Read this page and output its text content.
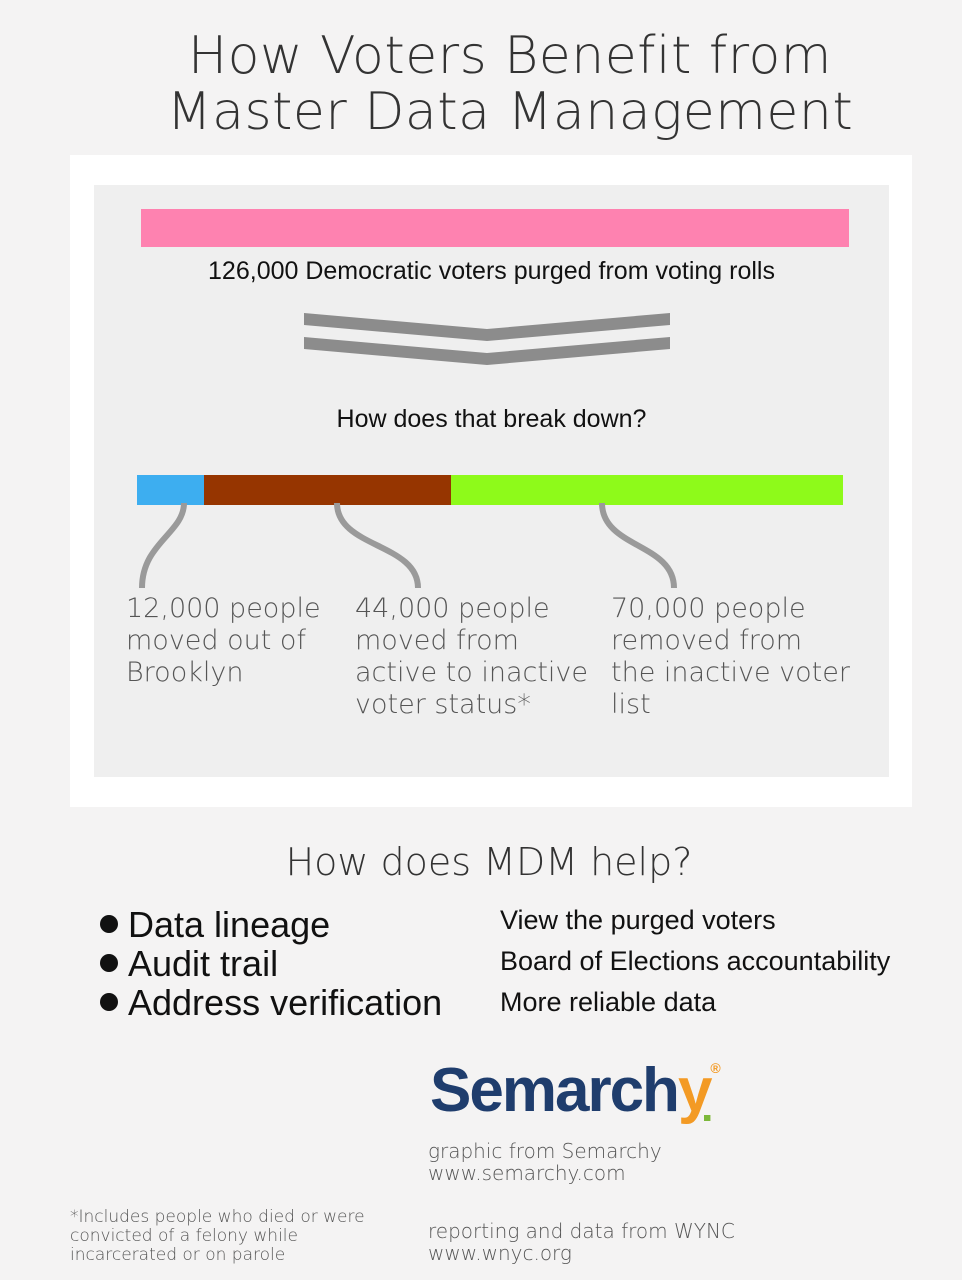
How Voters Benefit from
Master Data Management
126,000 Democratic voters purged from voting rolls
How does that break down?
12,000 people
moved out of
Brooklyn
44,000 people
moved from
active to inactive
voter status*
70,000 people
removed from
the inactive voter
list
How does MDM help?
Data lineage
Audit trail
Address verification
View the purged voters
Board of Elections accountability
More reliable data
Semarchy®
graphic from Semarchy
www.semarchy.com
reporting and data from WYNC
www.wnyc.org
*Includes people who died or were convicted of a felony while incarcerated or on parole
